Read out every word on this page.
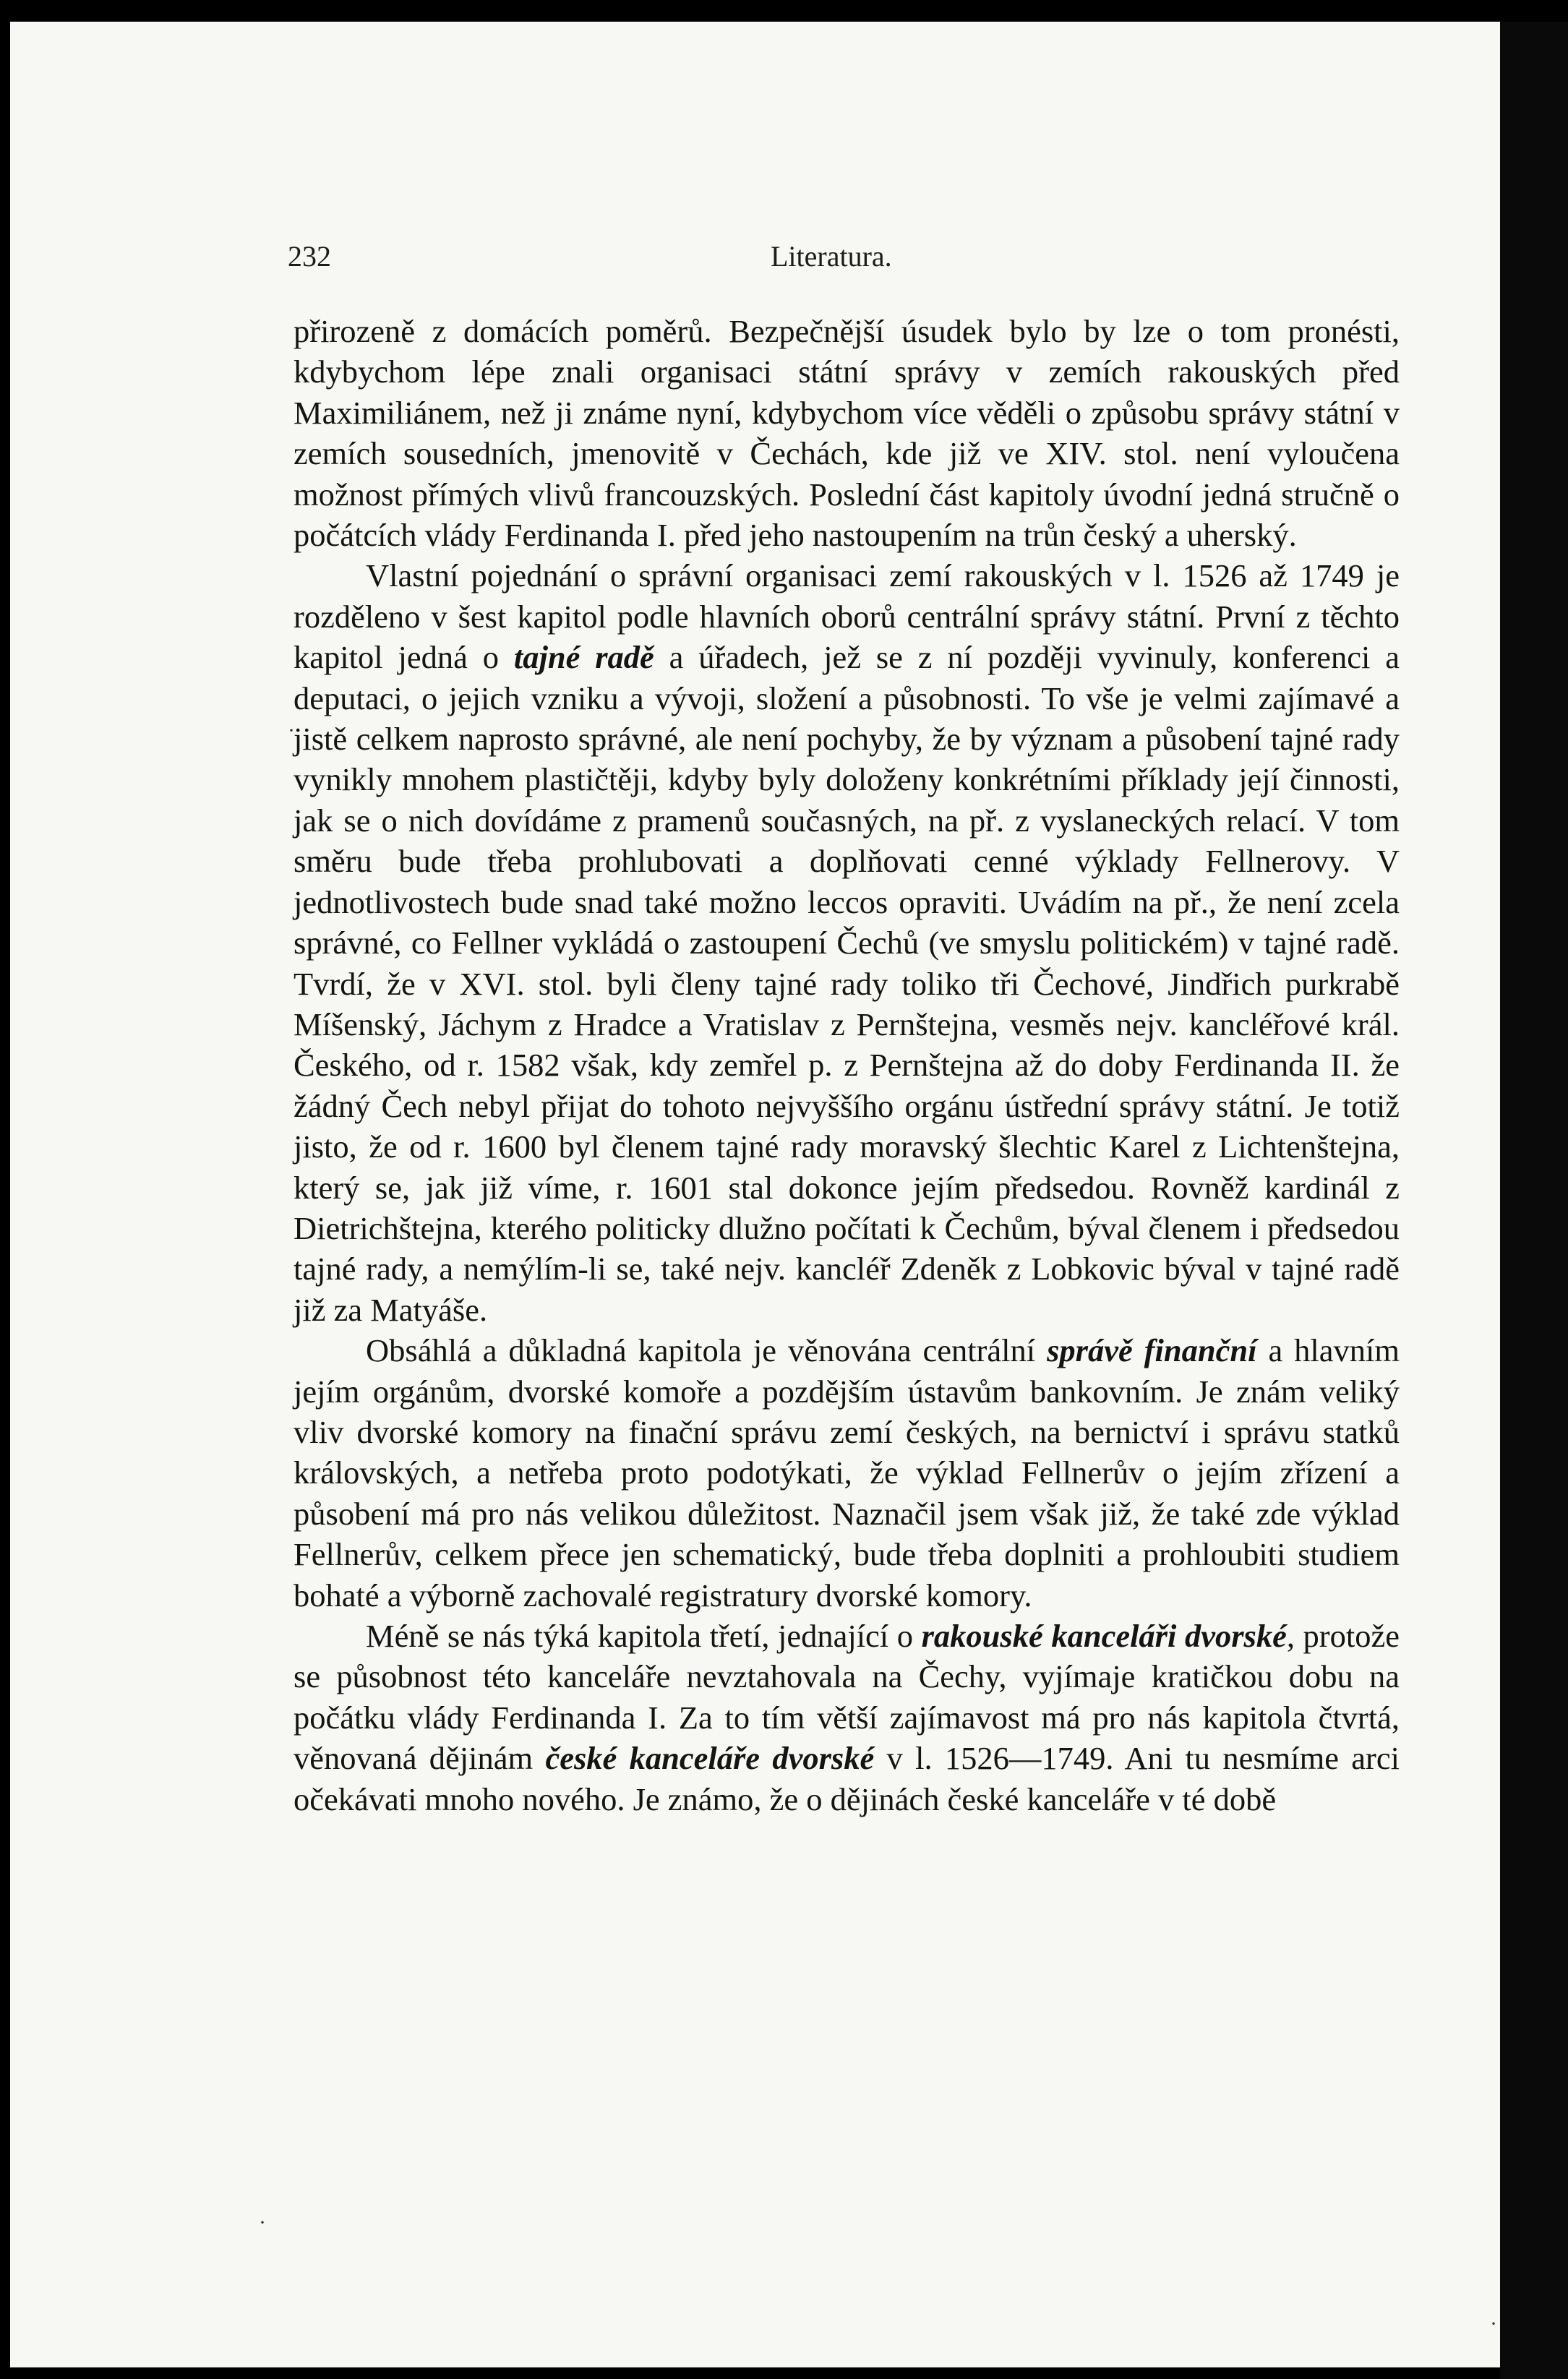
232	Literatura.

přirozeně z domácích poměrů. Bezpečnější úsudek bylo by lze o tom pronésti, kdybychom lépe znali organisaci státní správy v zemích rakouských před Maximiliánem, než ji známe nyní, kdybychom více věděli o způsobu správy státní v zemích sousedních, jmenovitě v Čechách, kde již ve XIV. stol. není vyloučena možnost přímých vlivů francouzských. Poslední část kapitoly úvodní jedná stručně o počátcích vlády Ferdinanda I. před jeho nastoupením na trůn český a uherský.

Vlastní pojednání o správní organisaci zemí rakouských v l. 1526 až 1749 je rozděleno v šest kapitol podle hlavních oborů centrální správy státní. První z těchto kapitol jedná o tajné radě a úřadech, jež se z ní později vyvinuly, konferenci a deputaci, o jejich vzniku a vývoji, složení a působnosti. To vše je velmi zajímavé a jistě celkem naprosto správné, ale není pochyby, že by význam a působení tajné rady vynikly mnohem plastičtěji, kdyby byly doloženy konkrétními příklady její činnosti, jak se o nich dovídáme z pramenů současných, na př. z vyslaneckých relací. V tom směru bude třeba prohlubovati a doplňovati cenné výklady Fellnerovy. V jednotlivostech bude snad také možno leccos opraviti. Uvádím na př., že není zcela správné, co Fellner vykládá o zastoupení Čechů (ve smyslu politickém) v tajné radě. Tvrdí, že v XVI. stol. byli členy tajné rady toliko tři Čechové, Jindřich purkrabě Míšenský, Jáchym z Hradce a Vratislav z Pernštejna, vesměs nejv. kancléřové král. Českého, od r. 1582 však, kdy zemřel p. z Pernštejna až do doby Ferdinanda II. že žádný Čech nebyl přijat do tohoto nejvyššího orgánu ústřední správy státní. Je totiž jisto, že od r. 1600 byl členem tajné rady moravský šlechtic Karel z Lichtenštejna, který se, jak již víme, r. 1601 stal dokonce jejím předsedou. Rovněž kardinál z Dietrichštejna, kterého politicky dlužno počítati k Čechům, býval členem i předsedou tajné rady, a nemýlím-li se, také nejv. kancléř Zdeněk z Lobkovic býval v tajné radě již za Matyáše.

Obsáhlá a důkladná kapitola je věnována centrální správě finanční a hlavním jejím orgánům, dvorské komoře a pozdějším ústavům bankovním. Je znám veliký vliv dvorské komory na finační správu zemí českých, na bernictví i správu statků královských, a netřeba proto podotýkati, že výklad Fellnerův o jejím zřízení a působení má pro nás velikou důležitost. Naznačil jsem však již, že také zde výklad Fellnerův, celkem přece jen schematický, bude třeba doplniti a prohloubiti studiem bohaté a výborně zachovalé registratury dvorské komory.

Méně se nás týká kapitola třetí, jednající o rakouské kanceláři dvorské, protože se působnost této kanceláře nevztahovala na Čechy, vyjímaje kratičkou dobu na počátku vlády Ferdinanda I. Za to tím větší zajímavost má pro nás kapitola čtvrtá, věnovaná dějinám české kanceláře dvorské v l. 1526—1749. Ani tu nesmíme arci očekávati mnoho nového. Je známo, že o dějinách české kanceláře v té době

·
·
·
